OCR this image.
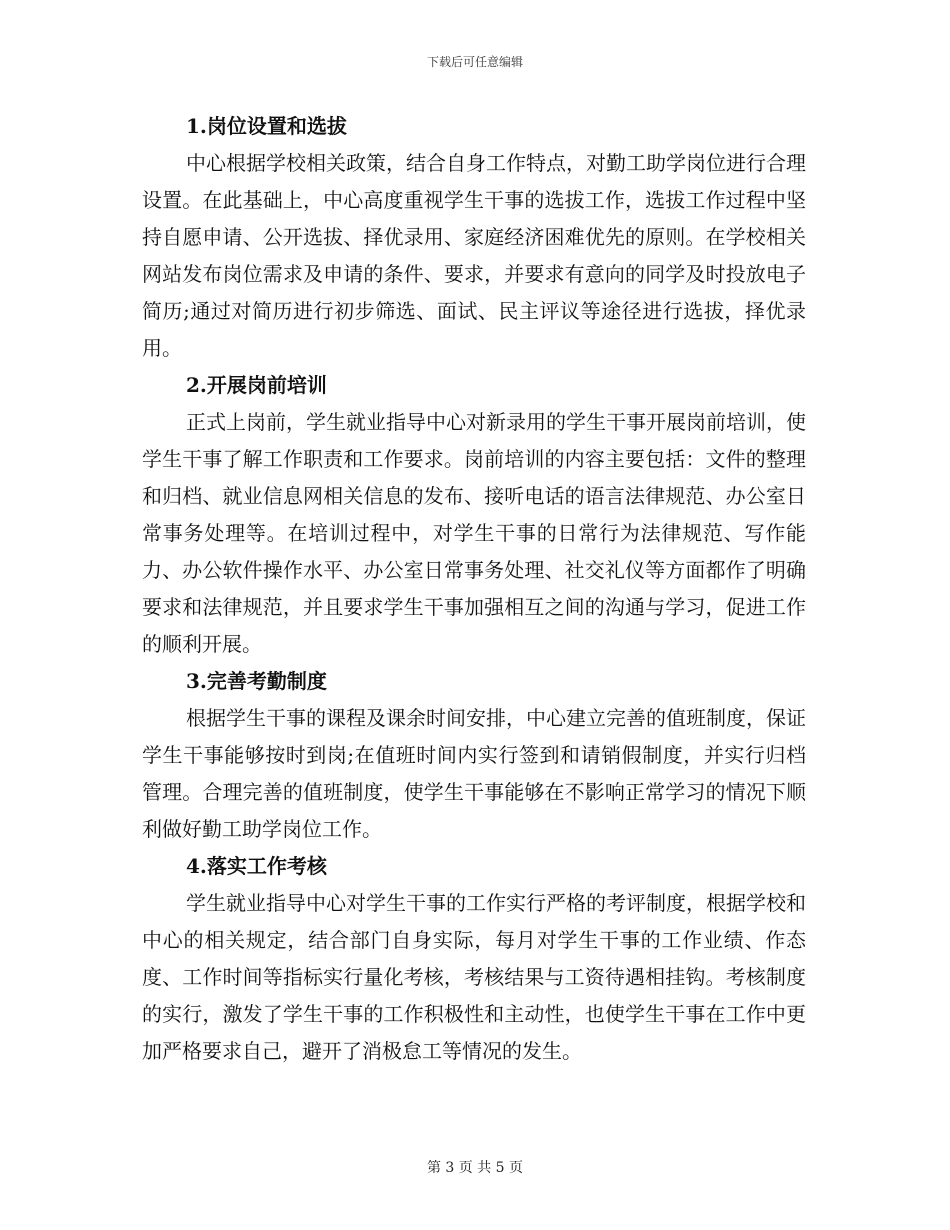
下载后可任意编辑
1.岗位设置和选拔

中心根据学校相关政策，结合自身工作特点，对勤工助学岗位进行合理设置。在此基础上，中心高度重视学生干事的选拔工作，选拔工作过程中坚持自愿申请、公开选拔、择优录用、家庭经济困难优先的原则。在学校相关网站发布岗位需求及申请的条件、要求，并要求有意向的同学及时投放电子简历;通过对简历进行初步筛选、面试、民主评议等途径进行选拔，择优录用。

2.开展岗前培训

正式上岗前，学生就业指导中心对新录用的学生干事开展岗前培训，使学生干事了解工作职责和工作要求。岗前培训的内容主要包括：文件的整理和归档、就业信息网相关信息的发布、接听电话的语言法律规范、办公室日常事务处理等。在培训过程中，对学生干事的日常行为法律规范、写作能力、办公软件操作水平、办公室日常事务处理、社交礼仪等方面都作了明确要求和法律规范，并且要求学生干事加强相互之间的沟通与学习，促进工作的顺利开展。

3.完善考勤制度

根据学生干事的课程及课余时间安排，中心建立完善的值班制度，保证学生干事能够按时到岗;在值班时间内实行签到和请销假制度，并实行归档管理。合理完善的值班制度，使学生干事能够在不影响正常学习的情况下顺利做好勤工助学岗位工作。

4.落实工作考核

学生就业指导中心对学生干事的工作实行严格的考评制度，根据学校和中心的相关规定，结合部门自身实际，每月对学生干事的工作业绩、作态度、工作时间等指标实行量化考核，考核结果与工资待遇相挂钩。考核制度的实行，激发了学生干事的工作积极性和主动性，也使学生干事在工作中更加严格要求自己，避开了消极怠工等情况的发生。

第 3 页 共 5 页
